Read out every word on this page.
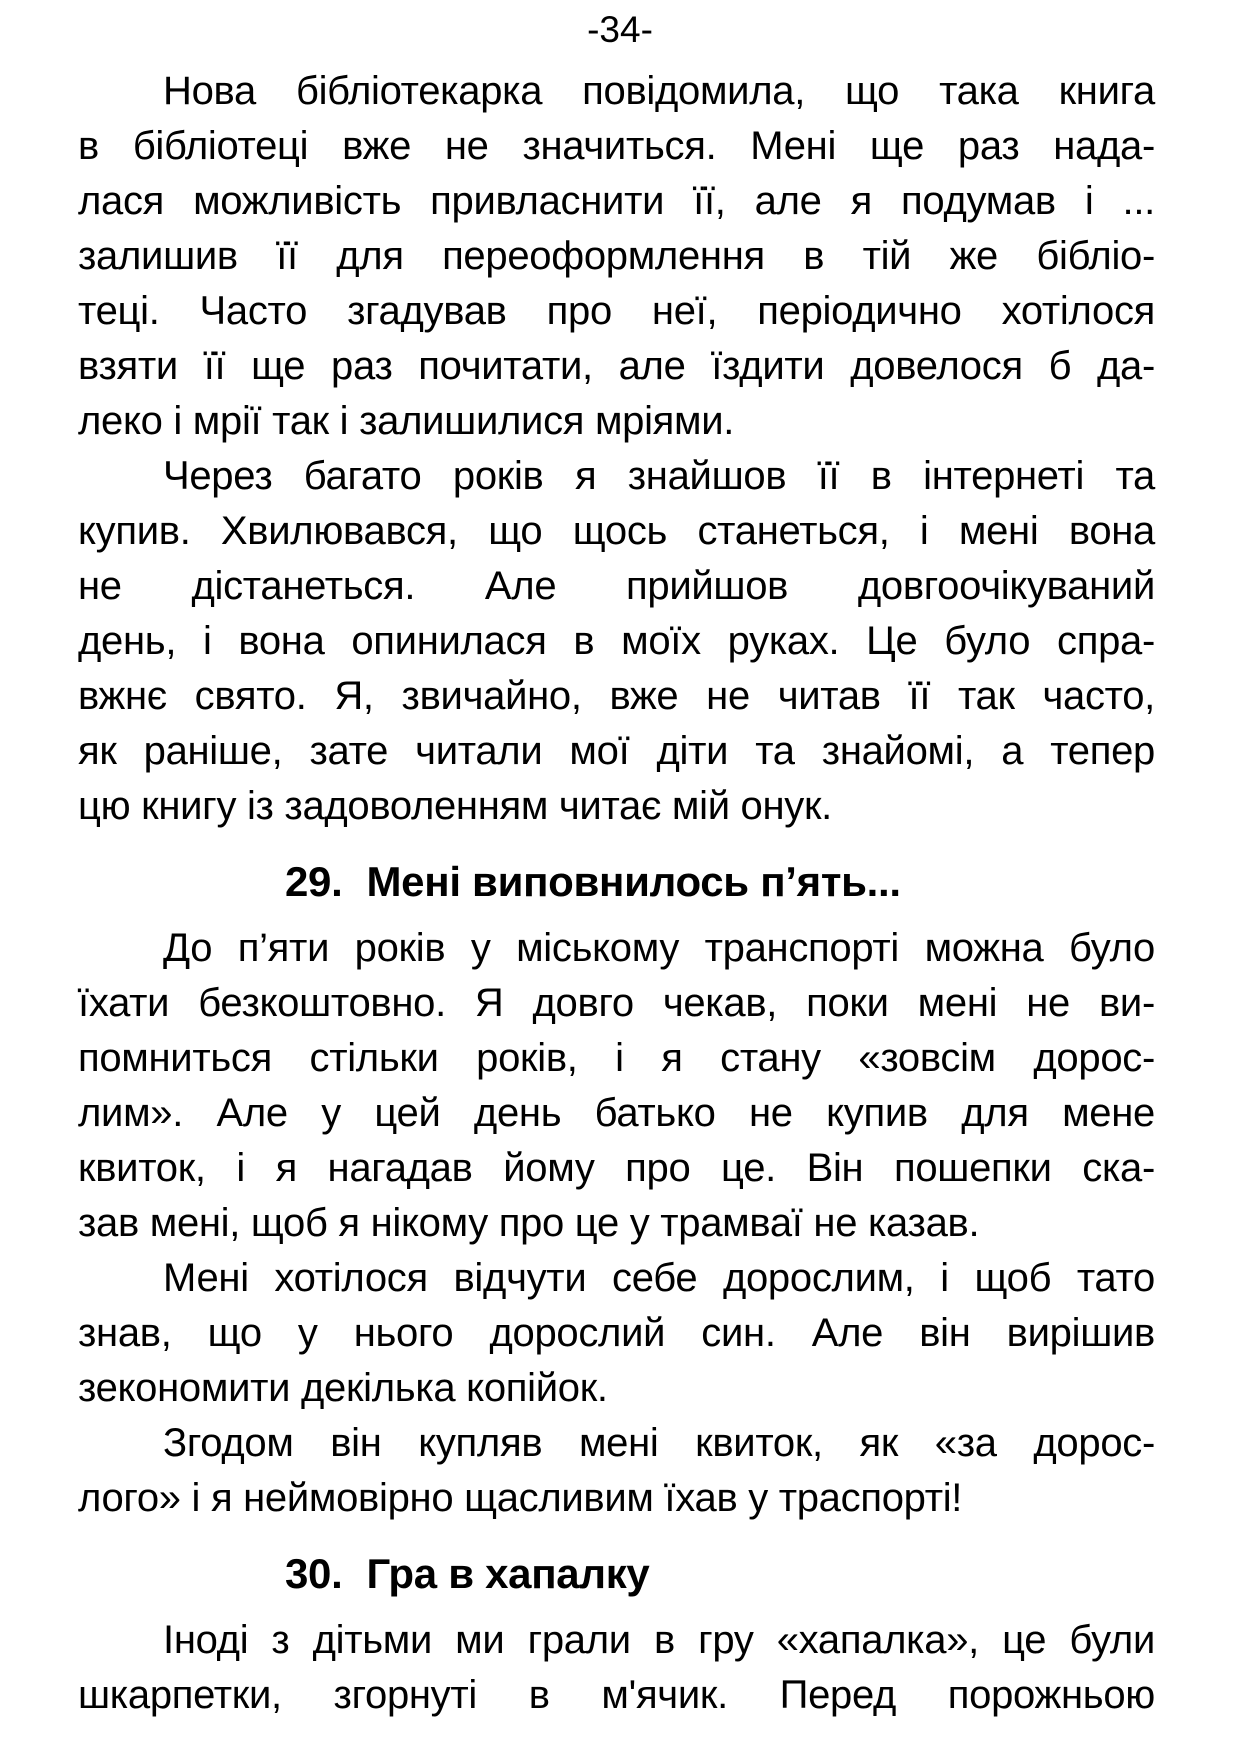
-34-
Нова бібліотекарка повідомила, що така книга
в бібліотеці вже не значиться. Мені ще раз нада-
лася можливість привласнити її, але я подумав і ...
залишив її для переоформлення в тій же бібліо-
теці. Часто згадував про неї, періодично хотілося
взяти її ще раз почитати, але їздити довелося б да-
леко і мрії так і залишилися мріями.
Через багато років я знайшов її в інтернеті та
купив. Хвилювався, що щось станеться, і мені вона
не дістанеться. Але прийшов довгоочікуваний
день, і вона опинилася в моїх руках. Це було спра-
вжнє свято. Я, звичайно, вже не читав її так часто,
як раніше, зате читали мої діти та знайомі, а тепер
цю книгу із задоволенням читає мій онук.
29. Мені виповнилось п’ять...
До п’яти років у міському транспорті можна було
їхати безкоштовно. Я довго чекав, поки мені не ви-
помниться стільки років, і я стану «зовсім дорос-
лим». Але у цей день батько не купив для мене
квиток, і я нагадав йому про це. Він пошепки ска-
зав мені, щоб я нікому про це у трамваї не казав.
Мені хотілося відчути себе дорослим, і щоб тато
знав, що у нього дорослий син. Але він вирішив
зекономити декілька копійок.
Згодом він купляв мені квиток, як «за дорос-
лого» і я неймовірно щасливим їхав у траспорті!
30. Гра в хапалку
Іноді з дітьми ми грали в гру «хапалка», це були
шкарпетки, згорнуті в м'ячик. Перед порожньою
